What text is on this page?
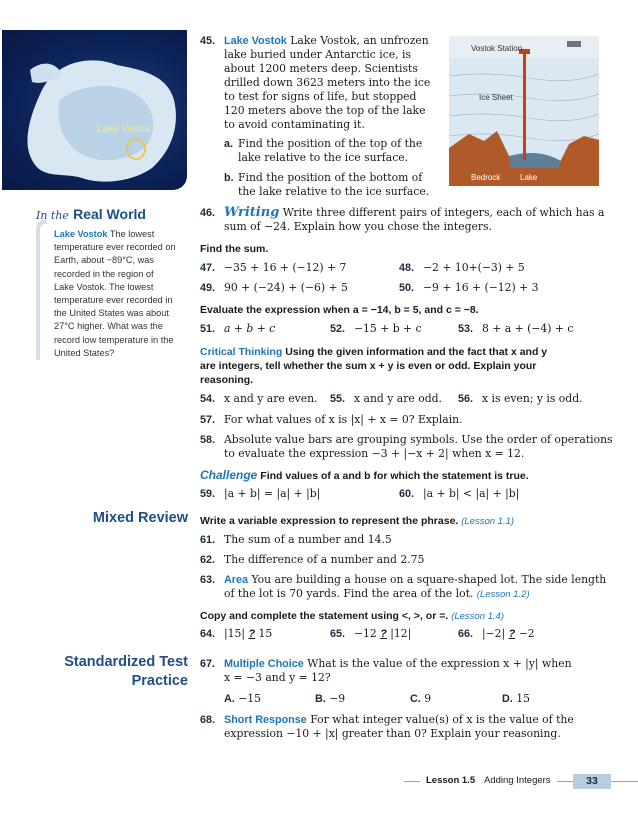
Lake Vostok
Vostok Station
Ice Sheet
Bedrock Lake
In the Real World
Lake Vostok The lowest
temperature ever recorded on
Earth, about −89°C, was
recorded in the region of
Lake Vostok. The lowest
temperature ever recorded in
the United States was about
27°C higher. What was the
record low temperature in the
United States?
Mixed Review
Standardized Test
Practice
45. Lake Vostok Lake Vostok, an unfrozen
lake buried under Antarctic ice, is
about 1200 meters deep. Scientists
drilled down 3623 meters into the ice
to test for signs of life, but stopped
120 meters above the top of the lake
to avoid contaminating it.
a. Find the position of the top of the
lake relative to the ice surface.
b. Find the position of the bottom of
the lake relative to the ice surface.
46. Writing Write three different pairs of integers, each of which has a
sum of −24. Explain how you chose the integers.
Find the sum.
47. −35 + 16 + (−12) + 7	48. −2 + 10+(−3) + 5
49. 90 + (−24) + (−6) + 5	50. −9 + 16 + (−12) + 3
Evaluate the expression when a = −14, b = 5, and c = −8.
51. a + b + c	52. −15 + b + c	53. 8 + a + (−4) + c
Critical Thinking Using the given information and the fact that x and y
are integers, tell whether the sum x + y is even or odd. Explain your
reasoning.
54. x and y are even. 55. x and y are odd. 56. x is even; y is odd.
57. For what values of x is |x| + x = 0? Explain.
58. Absolute value bars are grouping symbols. Use the order of operations
to evaluate the expression −3 + |−x + 2| when x = 12.
Challenge Find values of a and b for which the statement is true.
59. |a + b| = |a| + |b|	60. |a + b| < |a| + |b|
Write a variable expression to represent the phrase. (Lesson 1.1)
61. The sum of a number and 14.5
62. The difference of a number and 2.75
63. Area You are building a house on a square-shaped lot. The side length
of the lot is 70 yards. Find the area of the lot. (Lesson 1.2)
Copy and complete the statement using <, >, or =. (Lesson 1.4)
64. |15| ? 15	65. −12 ? |12|	66. |−2| ? −2
67. Multiple Choice What is the value of the expression x + |y| when
x = −3 and y = 12?
A. −15	B. −9	C. 9	D. 15
68. Short Response For what integer value(s) of x is the value of the
expression −10 + |x| greater than 0? Explain your reasoning.
Lesson 1.5 Adding Integers	33
